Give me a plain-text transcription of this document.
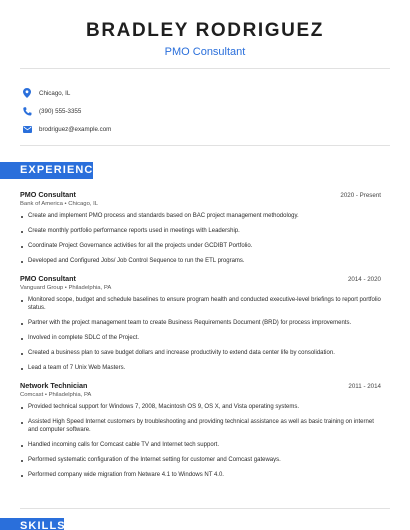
BRADLEY RODRIGUEZ
PMO Consultant
Chicago, IL
(390) 555-3355
brodriguez@example.com
EXPERIENCE
PMO Consultant	2020 - Present
Bank of America • Chicago, IL
Create and implement PMO process and standards based on BAC project management methodology.
Create monthly portfolio performance reports used in meetings with Leadership.
Coordinate Project Governance activities for all the projects under GCDIBT Portfolio.
Developed and Configured Jobs/ Job Control Sequence to run the ETL programs.
PMO Consultant	2014 - 2020
Vanguard Group • Philadelphia, PA
Monitored scope, budget and schedule baselines to ensure program health and conducted executive-level briefings to report portfolio status.
Partner with the project management team to create Business Requirements Document (BRD) for process improvements.
Involved in complete SDLC of the Project.
Created a business plan to save budget dollars and increase productivity to extend data center life by consolidation.
Lead a team of 7 Unix Web Masters.
Network Technician	2011 - 2014
Comcast • Philadelphia, PA
Provided technical support for Windows 7, 2008, Macintosh OS 9, OS X, and Vista operating systems.
Assisted High Speed Internet customers by troubleshooting and providing technical assistance as well as basic training on internet and computer software.
Handled incoming calls for Comcast cable TV and Internet tech support.
Performed systematic configuration of the Internet setting for customer and Comcast gateways.
Performed company wide migration from Netware 4.1 to Windows NT 4.0.
SKILLS
